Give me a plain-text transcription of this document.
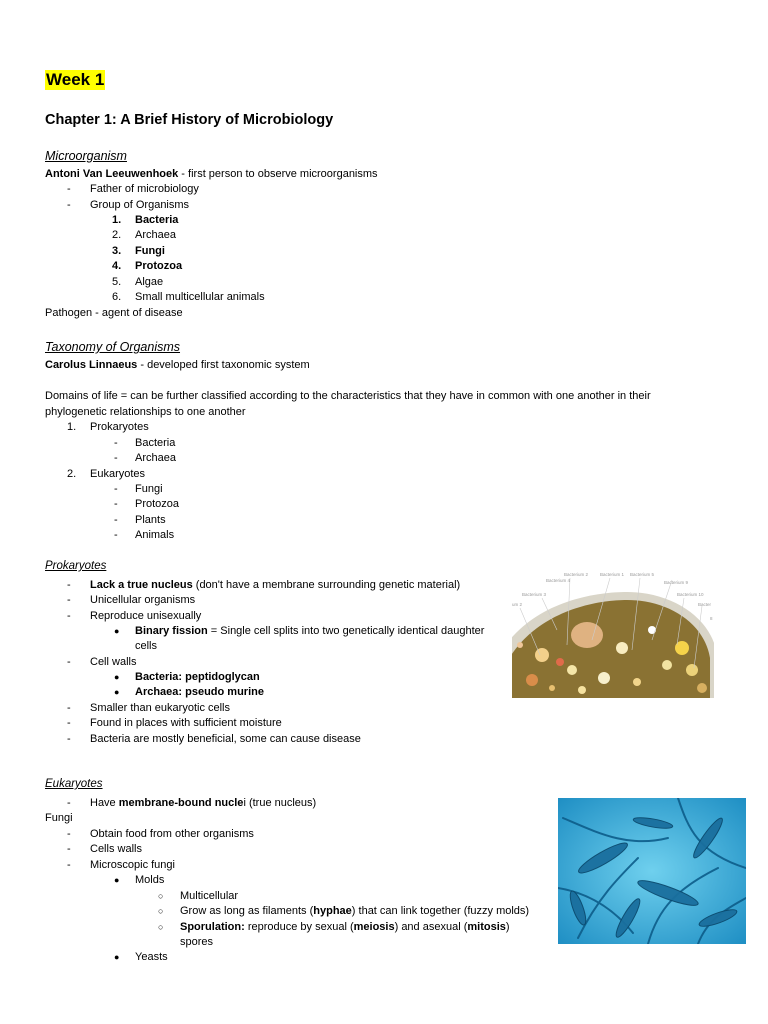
Week 1
Chapter 1: A Brief History of Microbiology
Microorganism
Antoni Van Leeuwenhoek - first person to observe microorganisms
- Father of microbiology
- Group of Organisms
1. Bacteria
2. Archaea
3. Fungi
4. Protozoa
5. Algae
6. Small multicellular animals
Pathogen - agent of disease
Taxonomy of Organisms
Carolus Linnaeus - developed first taxonomic system
Domains of life = can be further classified according to the characteristics that they have in common with one another in their
phylogenetic relationships to one another
1. Prokaryotes
- Bacteria
- Archaea
2. Eukaryotes
- Fungi
- Protozoa
- Plants
- Animals
Prokaryotes
- Lack a true nucleus (don't have a membrane surrounding genetic material)
- Unicellular organisms
- Reproduce unisexually
● Binary fission = Single cell splits into two genetically identical daughter
cells
- Cell walls
● Bacteria: peptidoglycan
● Archaea: pseudo murine
- Smaller than eukaryotic cells
- Found in places with sufficient moisture
- Bacteria are mostly beneficial, some can cause disease
Bacterium 4
Bacterium 3
Bacterium 2	Bacterium 1 Bacterium 5
Bacterium 9
Bacterium 10
Bacter
um 2
8
Eukaryotes
- Have membrane-bound nuclei (true nucleus)
Fungi
- Obtain food from other organisms
- Cells walls
- Microscopic fungi
● Molds
○ Multicellular
○ Grow as long as filaments (hyphae) that can link together (fuzzy molds)
○ Sporulation: reproduce by sexual (meiosis) and asexual (mitosis)
spores
● Yeasts
